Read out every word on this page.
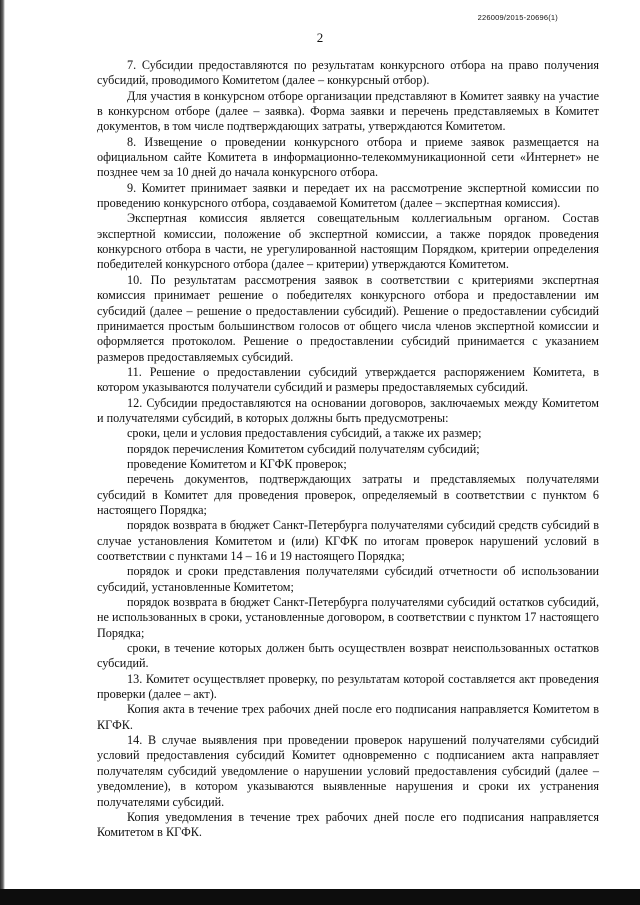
226009/2015-20696(1)
2

7. Субсидии предоставляются по результатам конкурсного отбора на право получения субсидий, проводимого Комитетом (далее – конкурсный отбор).

Для участия в конкурсном отборе организации представляют в Комитет заявку на участие в конкурсном отборе (далее – заявка). Форма заявки и перечень представляемых в Комитет документов, в том числе подтверждающих затраты, утверждаются Комитетом.

8. Извещение о проведении конкурсного отбора и приеме заявок размещается на официальном сайте Комитета в информационно-телекоммуникационной сети «Интернет» не позднее чем за 10 дней до начала конкурсного отбора.

9. Комитет принимает заявки и передает их на рассмотрение экспертной комиссии по проведению конкурсного отбора, создаваемой Комитетом (далее – экспертная комиссия).

Экспертная комиссия является совещательным коллегиальным органом. Состав экспертной комиссии, положение об экспертной комиссии, а также порядок проведения конкурсного отбора в части, не урегулированной настоящим Порядком, критерии определения победителей конкурсного отбора (далее – критерии) утверждаются Комитетом.

10. По результатам рассмотрения заявок в соответствии с критериями экспертная комиссия принимает решение о победителях конкурсного отбора и предоставлении им субсидий (далее – решение о предоставлении субсидий). Решение о предоставлении субсидий принимается простым большинством голосов от общего числа членов экспертной комиссии и оформляется протоколом. Решение о предоставлении субсидий принимается с указанием размеров предоставляемых субсидий.

11. Решение о предоставлении субсидий утверждается распоряжением Комитета, в котором указываются получатели субсидий и размеры предоставляемых субсидий.

12. Субсидии предоставляются на основании договоров, заключаемых между Комитетом и получателями субсидий, в которых должны быть предусмотрены:

сроки, цели и условия предоставления субсидий, а также их размер;

порядок перечисления Комитетом субсидий получателям субсидий;

проведение Комитетом и КГФК проверок;

перечень документов, подтверждающих затраты и представляемых получателями субсидий в Комитет для проведения проверок, определяемый в соответствии с пунктом 6 настоящего Порядка;

порядок возврата в бюджет Санкт-Петербурга получателями субсидий средств субсидий в случае установления Комитетом и (или) КГФК по итогам проверок нарушений условий в соответствии с пунктами 14 – 16 и 19 настоящего Порядка;

порядок и сроки представления получателями субсидий отчетности об использовании субсидий, установленные Комитетом;

порядок возврата в бюджет Санкт-Петербурга получателями субсидий остатков субсидий, не использованных в сроки, установленные договором, в соответствии с пунктом 17 настоящего Порядка;

сроки, в течение которых должен быть осуществлен возврат неиспользованных остатков субсидий.

13. Комитет осуществляет проверку, по результатам которой составляется акт проведения проверки (далее – акт).

Копия акта в течение трех рабочих дней после его подписания направляется Комитетом в КГФК.

14. В случае выявления при проведении проверок нарушений получателями субсидий условий предоставления субсидий Комитет одновременно с подписанием акта направляет получателям субсидий уведомление о нарушении условий предоставления субсидий (далее – уведомление), в котором указываются выявленные нарушения и сроки их устранения получателями субсидий.

Копия уведомления в течение трех рабочих дней после его подписания направляется Комитетом в КГФК.
